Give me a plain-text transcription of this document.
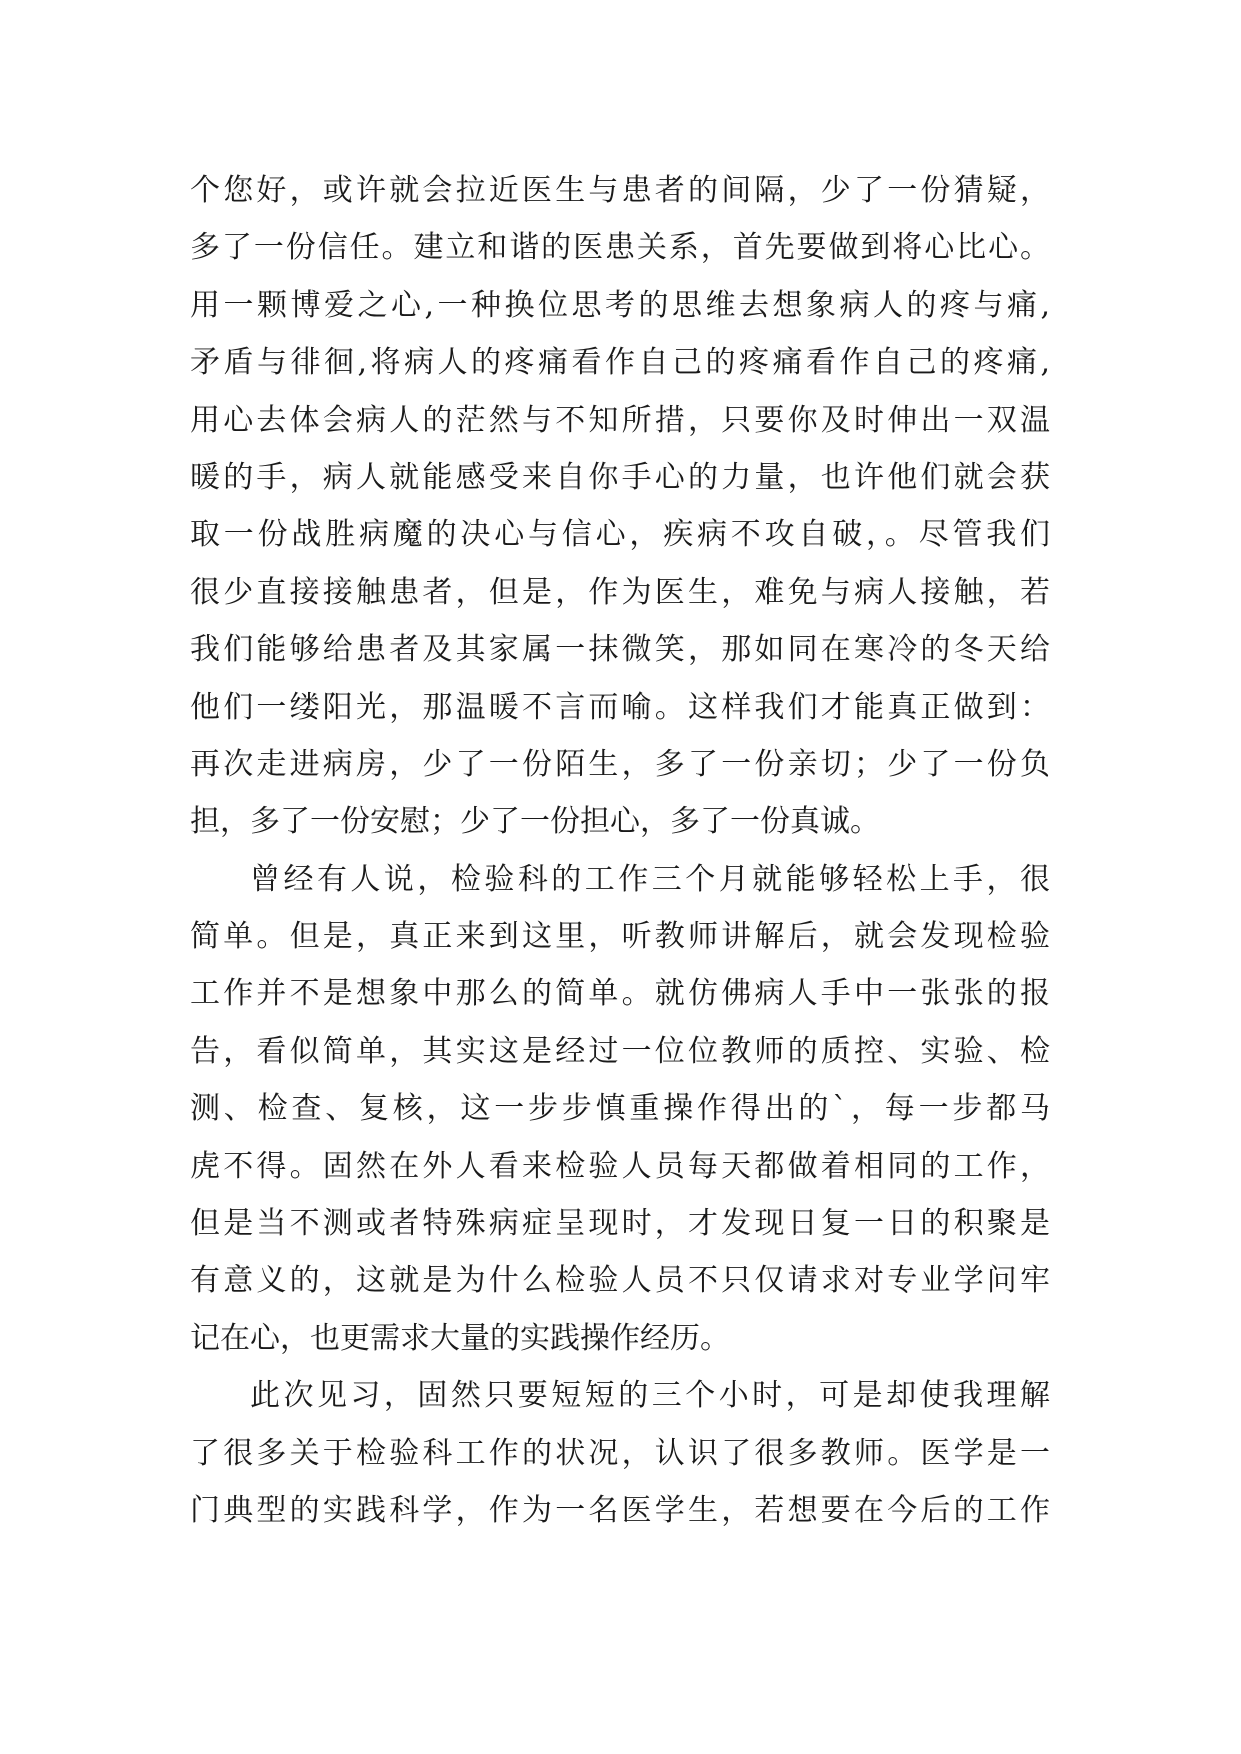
个您好，或许就会拉近医生与患者的间隔，少了一份猜疑，
多了一份信任。建立和谐的医患关系，首先要做到将心比心。
用一颗博爱之心,一种换位思考的思维去想象病人的疼与痛,
矛盾与徘徊,将病人的疼痛看作自己的疼痛看作自己的疼痛,
用心去体会病人的茫然与不知所措，只要你及时伸出一双温
暖的手，病人就能感受来自你手心的力量，也许他们就会获
取一份战胜病魔的决心与信心，疾病不攻自破，。尽管我们
很少直接接触患者，但是，作为医生，难免与病人接触，若
我们能够给患者及其家属一抹微笑，那如同在寒冷的冬天给
他们一缕阳光，那温暖不言而喻。这样我们才能真正做到：
再次走进病房，少了一份陌生，多了一份亲切；少了一份负
担，多了一份安慰；少了一份担心，多了一份真诚。
曾经有人说，检验科的工作三个月就能够轻松上手，很
简单。但是，真正来到这里，听教师讲解后，就会发现检验
工作并不是想象中那么的简单。就仿佛病人手中一张张的报
告，看似简单，其实这是经过一位位教师的质控、实验、检
测、检查、复核，这一步步慎重操作得出的`，每一步都马
虎不得。固然在外人看来检验人员每天都做着相同的工作，
但是当不测或者特殊病症呈现时，才发现日复一日的积聚是
有意义的，这就是为什么检验人员不只仅请求对专业学问牢
记在心，也更需求大量的实践操作经历。
此次见习，固然只要短短的三个小时，可是却使我理解
了很多关于检验科工作的状况，认识了很多教师。医学是一
门典型的实践科学，作为一名医学生，若想要在今后的工作
